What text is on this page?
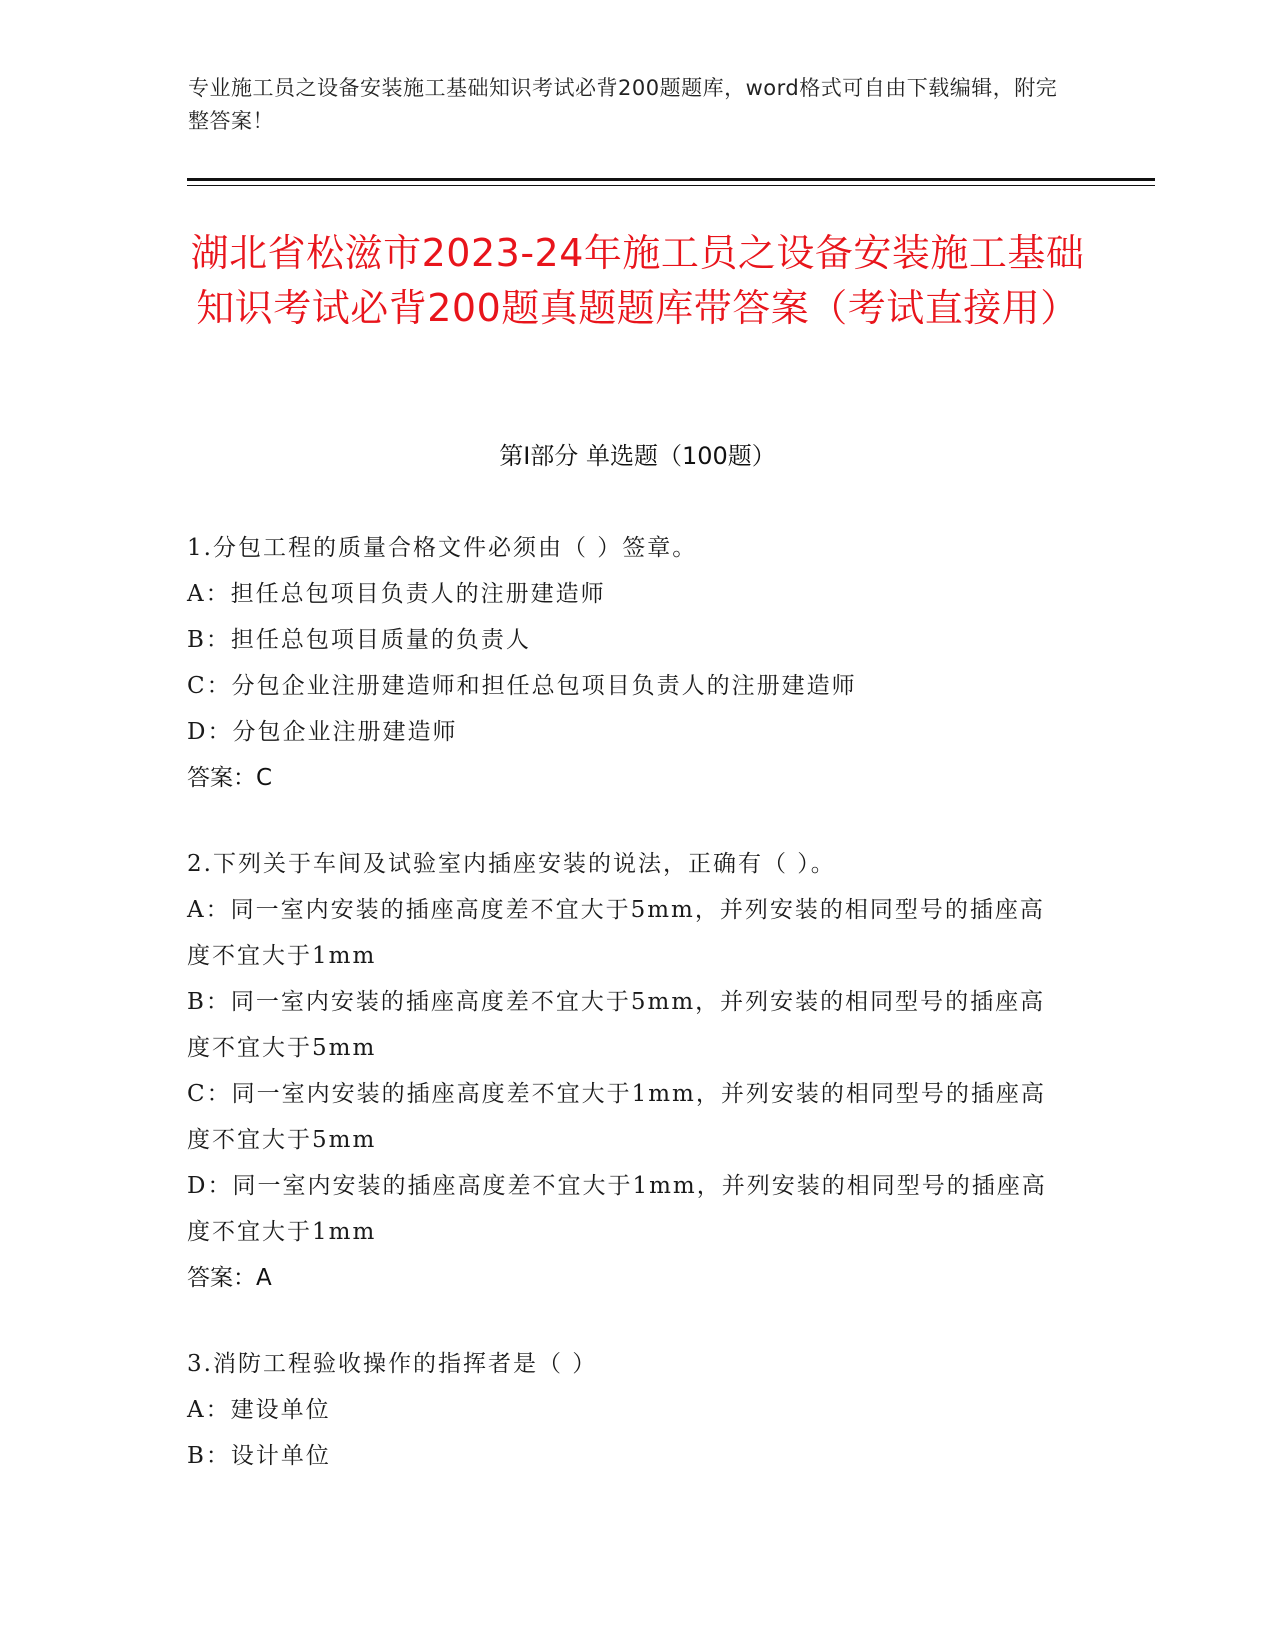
专业施工员之设备安装施工基础知识考试必背200题题库，word格式可自由下载编辑，附完整答案！
湖北省松滋市2023-24年施工员之设备安装施工基础知识考试必背200题真题题库带答案（考试直接用）
第Ⅰ部分 单选题（100题）
1.分包工程的质量合格文件必须由（ ）签章。
A：担任总包项目负责人的注册建造师
B：担任总包项目质量的负责人
C：分包企业注册建造师和担任总包项目负责人的注册建造师
D：分包企业注册建造师
答案：C
2.下列关于车间及试验室内插座安装的说法，正确有（ ）。
A：同一室内安装的插座高度差不宜大于5mm，并列安装的相同型号的插座高度不宜大于1mm
B：同一室内安装的插座高度差不宜大于5mm，并列安装的相同型号的插座高度不宜大于5mm
C：同一室内安装的插座高度差不宜大于1mm，并列安装的相同型号的插座高度不宜大于5mm
D：同一室内安装的插座高度差不宜大于1mm，并列安装的相同型号的插座高度不宜大于1mm
答案：A
3.消防工程验收操作的指挥者是（ ）
A：建设单位
B：设计单位
